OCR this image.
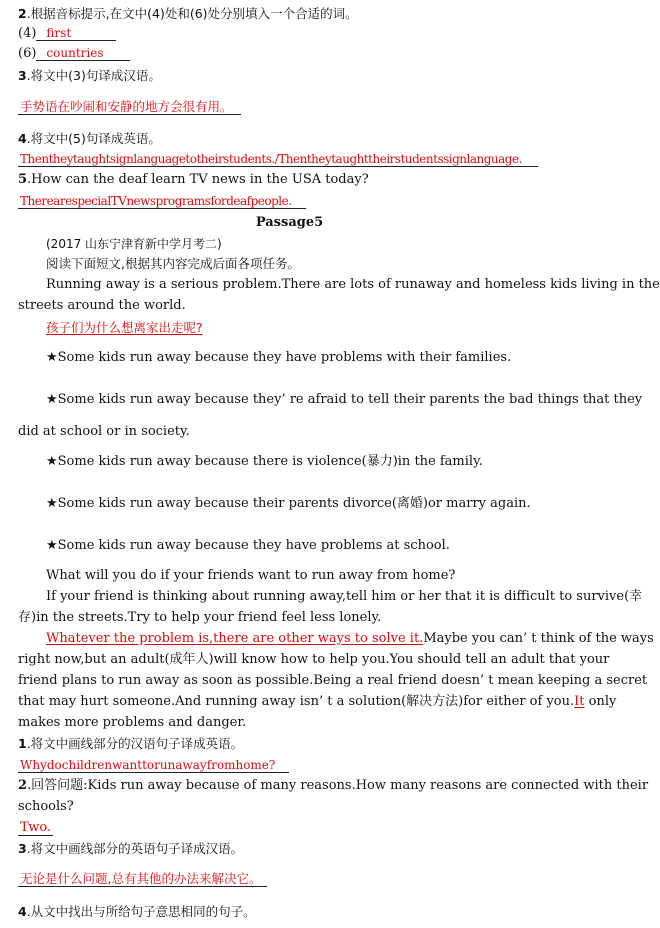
2.根据音标提示,在文中(4)处和(6)处分别填入一个合适的词。
(4) first
(6) countries
3.将文中(3)句译成汉语。
手势语在吵闹和安静的地方会很有用。
4.将文中(5)句译成英语。
Thentheytaughtsignlanguagetotheirstudents./Thentheytaughttheirstudentssignlanguage.
5.How can the deaf learn TV news in the USA today?
TherearespecialTVnewsprogramsfordeafpeople.
Passage5
(2017 山东宁津育新中学月考二)
阅读下面短文,根据其内容完成后面各项任务。
Running away is a serious problem.There are lots of runaway and homeless kids living in the
streets around the world.
孩子们为什么想离家出走呢?
★ Some kids run away because they have problems with their families.
★ Some kids run away because they’ re afraid to tell their parents the bad things that they
did at school or in society.
★ Some kids run away because there is violence(暴力)in the family.
★ Some kids run away because their parents divorce(离婚)or marry again.
★ Some kids run away because they have problems at school.
What will you do if your friends want to run away from home?
If your friend is thinking about running away,tell him or her that it is difficult to survive(幸
存)in the streets.Try to help your friend feel less lonely.
Whatever the problem is,there are other ways to solve it.Maybe you can’ t think of the ways
right now,but an adult(成年人)will know how to help you.You should tell an adult that your
friend plans to run away as soon as possible.Being a real friend doesn’ t mean keeping a secret
that may hurt someone.And running away isn’ t a solution(解决方法)for either of you.It only
makes more problems and danger.
1.将文中画线部分的汉语句子译成英语。
Whydochildrenwanttorunawayfromhome?
2.回答问题:Kids run away because of many reasons.How many reasons are connected with their
schools?
Two.
3.将文中画线部分的英语句子译成汉语。
无论是什么问题,总有其他的办法来解决它。
4.从文中找出与所给句子意思相同的句子。
